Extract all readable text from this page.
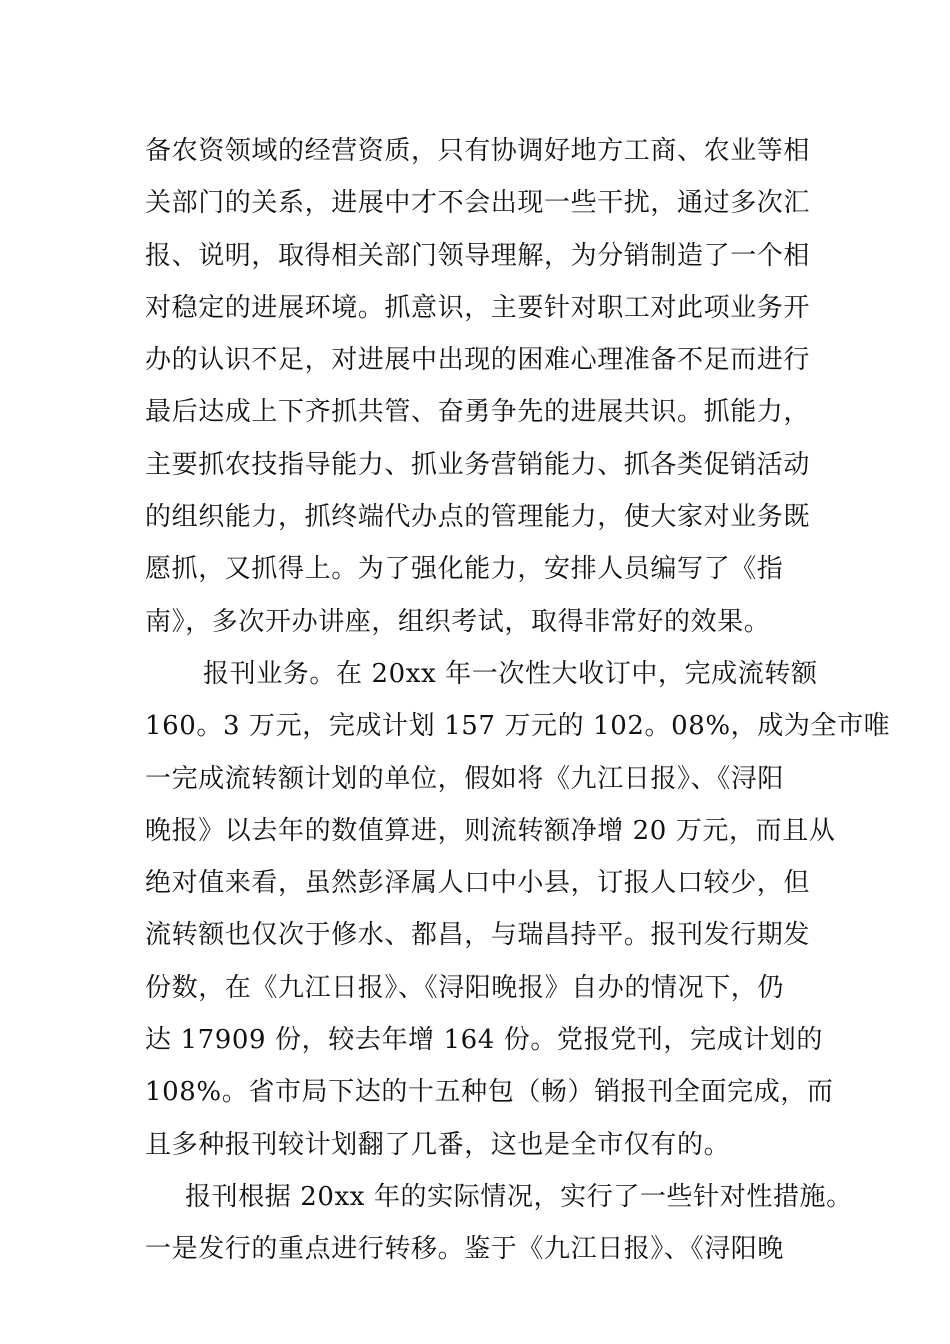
备农资领域的经营资质，只有协调好地方工商、农业等相
关部门的关系，进展中才不会出现一些干扰，通过多次汇
报、说明，取得相关部门领导理解，为分销制造了一个相
对稳定的进展环境。抓意识，主要针对职工对此项业务开
办的认识不足，对进展中出现的困难心理准备不足而进行
最后达成上下齐抓共管、奋勇争先的进展共识。抓能力，
主要抓农技指导能力、抓业务营销能力、抓各类促销活动
的组织能力，抓终端代办点的管理能力，使大家对业务既
愿抓，又抓得上。为了强化能力，安排人员编写了《指
南》，多次开办讲座，组织考试，取得非常好的效果。
报刊业务。在 20xx 年一次性大收订中，完成流转额
160。3 万元，完成计划 157 万元的 102。08%，成为全市唯
一完成流转额计划的单位，假如将《九江日报》、《浔阳
晚报》以去年的数值算进，则流转额净增 20 万元，而且从
绝对值来看，虽然彭泽属人口中小县，订报人口较少，但
流转额也仅次于修水、都昌，与瑞昌持平。报刊发行期发
份数，在《九江日报》、《浔阳晚报》自办的情况下，仍
达 17909 份，较去年增 164 份。党报党刊，完成计划的
108%。省市局下达的十五种包（畅）销报刊全面完成，而
且多种报刊较计划翻了几番，这也是全市仅有的。
报刊根据 20xx 年的实际情况，实行了一些针对性措施。
一是发行的重点进行转移。鉴于《九江日报》、《浔阳晚
